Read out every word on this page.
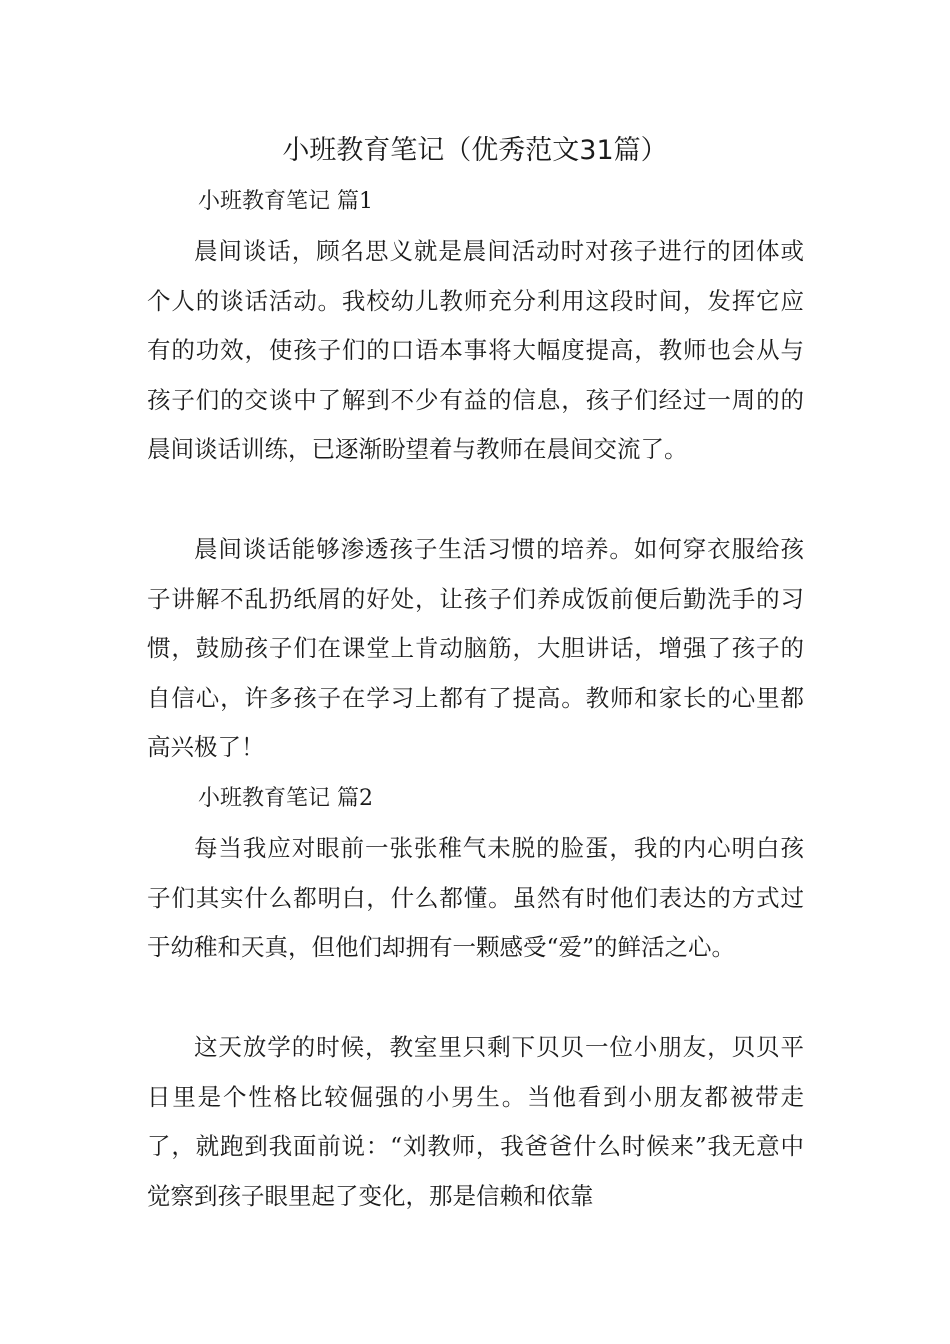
小班教育笔记（优秀范文31篇）
小班教育笔记 篇1

晨间谈话，顾名思义就是晨间活动时对孩子进行的团体或个人的谈话活动。我校幼儿教师充分利用这段时间，发挥它应有的功效，使孩子们的口语本事将大幅度提高，教师也会从与孩子们的交谈中了解到不少有益的信息，孩子们经过一周的的晨间谈话训练，已逐渐盼望着与教师在晨间交流了。

晨间谈话能够渗透孩子生活习惯的培养。如何穿衣服给孩子讲解不乱扔纸屑的好处，让孩子们养成饭前便后勤洗手的习惯，鼓励孩子们在课堂上肯动脑筋，大胆讲话，增强了孩子的自信心，许多孩子在学习上都有了提高。教师和家长的心里都高兴极了！

小班教育笔记 篇2

每当我应对眼前一张张稚气未脱的脸蛋，我的内心明白孩子们其实什么都明白，什么都懂。虽然有时他们表达的方式过于幼稚和天真，但他们却拥有一颗感受“爱”的鲜活之心。

这天放学的时候，教室里只剩下贝贝一位小朋友，贝贝平日里是个性格比较倔强的小男生。当他看到小朋友都被带走了，就跑到我面前说：“刘教师，我爸爸什么时候来”我无意中觉察到孩子眼里起了变化，那是信赖和依靠
